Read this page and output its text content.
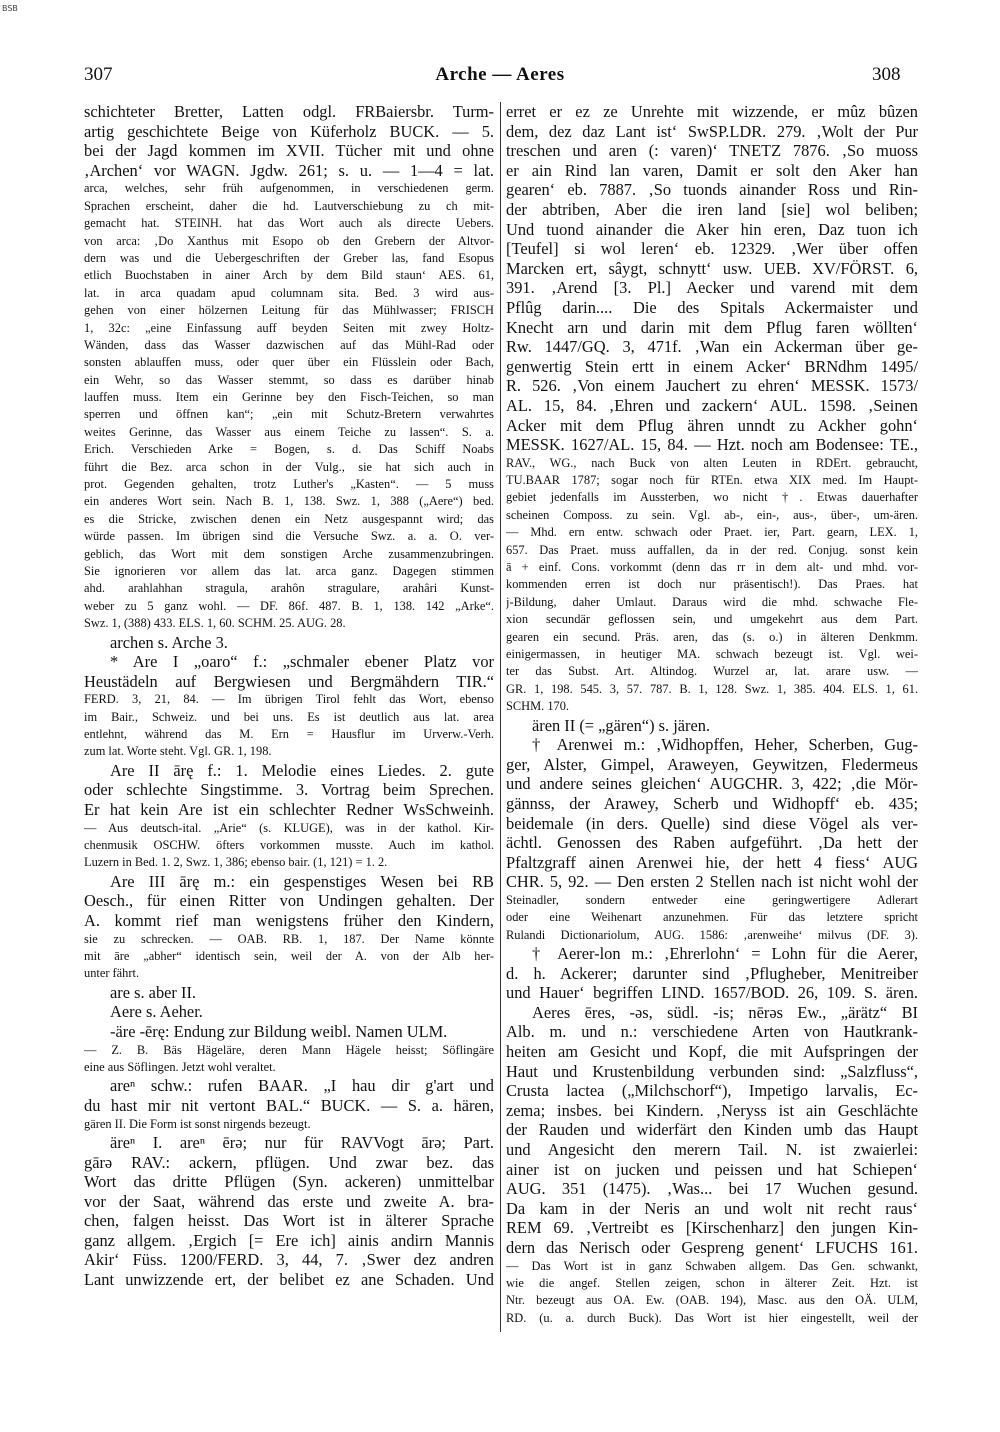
BSB
307	Arche — Aeres	308
schichteter Bretter, Latten odgl. FRBaiersbr. Turm-
artig geschichtete Beige von Küferholz BUCK. — 5.
bei der Jagd kommen im XVII. Tücher mit und ohne
‚Archen‘ vor WAGN. Jgdw. 261; s. u. — 1—4 = lat.
arca, welches, sehr früh aufgenommen, in verschiedenen germ.
Sprachen erscheint, daher die hd. Lautverschiebung zu ch mit-
gemacht hat. STEINH. hat das Wort auch als directe Uebers.
von arca: ‚Do Xanthus mit Esopo ob den Grebern der Altvor-
dern was und die Uebergeschriften der Greber las, fand Esopus
etlich Buochstaben in ainer Arch by dem Bild staun‘ AES. 61,
lat. in arca quadam apud columnam sita. Bed. 3 wird aus-
gehen von einer hölzernen Leitung für das Mühlwasser; FRISCH
1, 32c: „eine Einfassung auff beyden Seiten mit zwey Holtz-
Wänden, dass das Wasser dazwischen auf das Mühl-Rad oder
sonsten ablauffen muss, oder quer über ein Flüsslein oder Bach,
ein Wehr, so das Wasser stemmt, so dass es darüber hinab
lauffen muss. Item ein Gerinne bey den Fisch-Teichen, so man
sperren und öffnen kan“; „ein mit Schutz-Bretern verwahrtes
weites Gerinne, das Wasser aus einem Teiche zu lassen“. S. a.
Erich. Verschieden Arke = Bogen, s. d. Das Schiff Noabs
führt die Bez. arca schon in der Vulg., sie hat sich auch in
prot. Gegenden gehalten, trotz Luther's „Kasten“. — 5 muss
ein anderes Wort sein. Nach B. 1, 138. Swz. 1, 388 („Aere“) bed.
es die Stricke, zwischen denen ein Netz ausgespannt wird; das
würde passen. Im übrigen sind die Versuche Swz. a. a. O. ver-
geblich, das Wort mit dem sonstigen Arche zusammenzubringen.
Sie ignorieren vor allem das lat. arca ganz. Dagegen stimmen
ahd. arahlahhan stragula, arahôn stragulare, arahâri Kunst-
weber zu 5 ganz wohl. — DF. 86f. 487. B. 1, 138. 142 „Arke“.
Swz. 1, (388) 433. ELS. 1, 60. SCHM. 25. AUG. 28.
archen s. Arche 3.
* Are I „oaro“ f.: „schmaler ebener Platz vor
Heustädeln auf Bergwiesen und Bergmähdern TIR.“
FERD. 3, 21, 84. — Im übrigen Tirol fehlt das Wort, ebenso
im Bair., Schweiz. und bei uns. Es ist deutlich aus lat. area
entlehnt, während das M. Ern = Hausflur im Urverw.-Verh.
zum lat. Worte steht. Vgl. GR. 1, 198.
Are II ārę f.: 1. Melodie eines Liedes. 2. gute
oder schlechte Singstimme. 3. Vortrag beim Sprechen.
Er hat kein Are ist ein schlechter Redner WsSchweinh.
— Aus deutsch-ital. „Arie“ (s. KLUGE), was in der kathol. Kir-
chenmusik OSCHW. öfters vorkommen musste. Auch im kathol.
Luzern in Bed. 1. 2, Swz. 1, 386; ebenso bair. (1, 121) = 1. 2.
Are III ārę m.: ein gespenstiges Wesen bei RB
Oesch., für einen Ritter von Undingen gehalten. Der
A. kommt rief man wenigstens früher den Kindern,
sie zu schrecken. — OAB. RB. 1, 187. Der Name könnte
mit āre „abher“ identisch sein, weil der A. von der Alb her-
unter fährt.
are s. aber II.
Aere s. Aeher.
-äre -ērę: Endung zur Bildung weibl. Namen ULM.
— Z. B. Bäs Hägeläre, deren Mann Hägele heisst; Söflingäre
eine aus Söflingen. Jetzt wohl veraltet.
areⁿ schw.: rufen BAAR. „I hau dir g'art und
du hast mir nit vertont BAL.“ BUCK. — S. a. hären,
gären II. Die Form ist sonst nirgends bezeugt.
äreⁿ I. areⁿ ērə; nur für RAVVogt ārə; Part.
gārə RAV.: ackern, pflügen. Und zwar bez. das
Wort das dritte Pflügen (Syn. ackeren) unmittelbar
vor der Saat, während das erste und zweite A. bra-
chen, falgen heisst. Das Wort ist in älterer Sprache
ganz allgem. ‚Ergich [= Ere ich] ainis andirn Mannis
Akir‘ Füss. 1200/FERD. 3, 44, 7. ‚Swer dez andren
Lant unwizzende ert, der belibet ez ane Schaden. Und
erret er ez ze Unrehte mit wizzende, er mûz bûzen
dem, dez daz Lant ist‘ SwSP.LDR. 279. ‚Wolt der Pur
treschen und aren (: varen)‘ TNETZ 7876. ‚So muoss
er ain Rind lan varen, Damit er solt den Aker han
gearen‘ eb. 7887. ‚So tuonds ainander Ross und Rin-
der abtriben, Aber die iren land [sie] wol beliben;
Und tuond ainander die Aker hin eren, Daz tuon ich
[Teufel] si wol leren‘ eb. 12329. ‚Wer über offen
Marcken ert, sâygt, schnytt‘ usw. UEB. XV/FÖRST. 6,
391. ‚Arend [3. Pl.] Aecker und varend mit dem
Pflûg darin.... Die des Spitals Ackermaister und
Knecht arn und darin mit dem Pflug faren wöllten‘
Rw. 1447/GQ. 3, 471f. ‚Wan ein Ackerman über ge-
genwertig Stein ertt in einem Acker‘ BRNdhm 1495/
R. 526. ‚Von einem Jauchert zu ehren‘ MESSK. 1573/
AL. 15, 84. ‚Ehren und zackern‘ AUL. 1598. ‚Seinen
Acker mit dem Pflug ähren unndt zu Ackher gohn‘
MESSK. 1627/AL. 15, 84. — Hzt. noch am Bodensee: TE.,
RAV., WG., nach Buck von alten Leuten in RDErt. gebraucht,
TU.BAAR 1787; sogar noch für RTEn. etwa XIX med. Im Haupt-
gebiet jedenfalls im Aussterben, wo nicht †. Etwas dauerhafter
scheinen Composs. zu sein. Vgl. ab-, ein-, aus-, über-, um-ären.
— Mhd. ern entw. schwach oder Praet. ier, Part. gearn, LEX. 1,
657. Das Praet. muss auffallen, da in der red. Conjug. sonst kein
ā + einf. Cons. vorkommt (denn das rr in dem alt- und mhd. vor-
kommenden erren ist doch nur präsentisch!). Das Praes. hat
j-Bildung, daher Umlaut. Daraus wird die mhd. schwache Fle-
xion secundär geflossen sein, und umgekehrt aus dem Part.
gearen ein secund. Präs. aren, das (s. o.) in älteren Denkmm.
einigermassen, in heutiger MA. schwach bezeugt ist. Vgl. wei-
ter das Subst. Art. Altindog. Wurzel ar, lat. arare usw. —
GR. 1, 198. 545. 3, 57. 787. B. 1, 128. Swz. 1, 385. 404. ELS. 1, 61.
SCHM. 170.
ären II (= „gären“) s. jären.
† Arenwei m.: ‚Widhopffen, Heher, Scherben, Gug-
ger, Alster, Gimpel, Araweyen, Geywitzen, Fledermeus
und andere seines gleichen‘ AUGCHR. 3, 422; ‚die Mör-
gännss, der Arawey, Scherb und Widhopff‘ eb. 435;
beidemale (in ders. Quelle) sind diese Vögel als ver-
ächtl. Genossen des Raben aufgeführt. ‚Da hett der
Pfaltzgraff ainen Arenwei hie, der hett 4 fiess‘ AUG
CHR. 5, 92. — Den ersten 2 Stellen nach ist nicht wohl der
Steinadler, sondern entweder eine geringwertigere Adlerart
oder eine Weihenart anzunehmen. Für das letztere spricht
Rulandi Dictionariolum, AUG. 1586: ‚arenweihe‘ milvus (DF. 3).
† Aerer-lon m.: ‚Ehrerlohn‘ = Lohn für die Aerer,
d. h. Ackerer; darunter sind ‚Pflugheber, Menitreiber
und Hauer‘ begriffen LIND. 1657/BOD. 26, 109. S. ären.
Aeres ēres, -əs, südl. -is; nērəs Ew., „ärätz“ BI
Alb. m. und n.: verschiedene Arten von Hautkrank-
heiten am Gesicht und Kopf, die mit Aufspringen der
Haut und Krustenbildung verbunden sind: „Salzfluss“,
Crusta lactea („Milchschorf“), Impetigo larvalis, Ec-
zema; insbes. bei Kindern. ‚Neryss ist ain Geschlächte
der Rauden und widerfärt den Kinden umb das Haupt
und Angesicht den merern Tail. N. ist zwaierlei:
ainer ist on jucken und peissen und hat Schiepen‘
AUG. 351 (1475). ‚Was... bei 17 Wuchen gesund.
Da kam in der Neris an und wolt nit recht raus‘
REM 69. ‚Vertreibt es [Kirschenharz] den jungen Kin-
dern das Nerisch oder Gespreng genent‘ LFUCHS 161.
— Das Wort ist in ganz Schwaben allgem. Das Gen. schwankt,
wie die angef. Stellen zeigen, schon in älterer Zeit. Hzt. ist
Ntr. bezeugt aus OA. Ew. (OAB. 194), Masc. aus den OÄ. ULM,
RD. (u. a. durch Buck). Das Wort ist hier eingestellt, weil der
